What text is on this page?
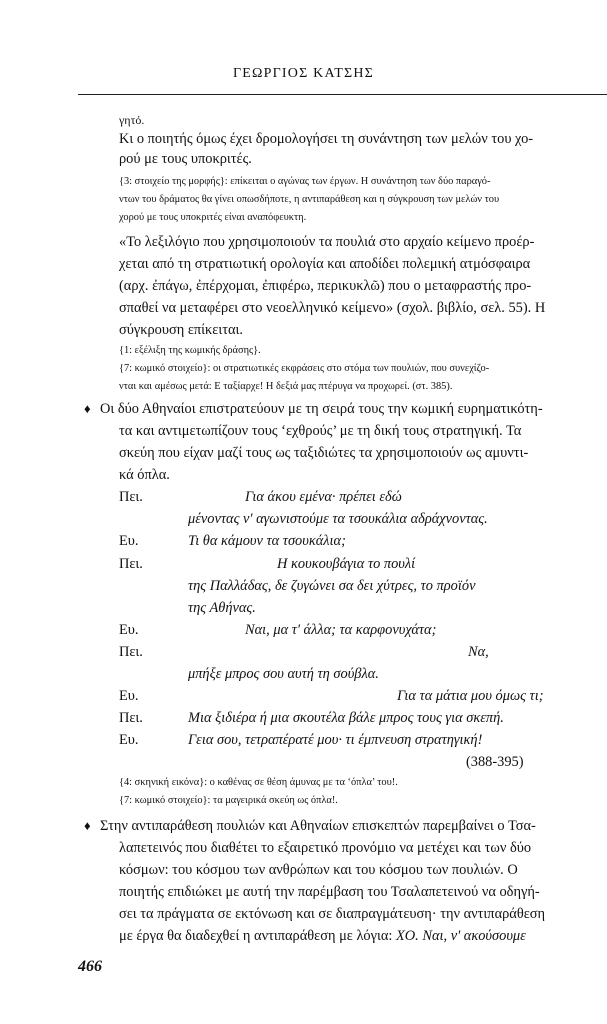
ΓΕΩΡΓΙΟΣ ΚΑΤΣΗΣ
γητό.
Κι ο ποιητής όμως έχει δρομολογήσει τη συνάντηση των μελών του χο-
ρού με τους υποκριτές.
{3: στοιχείο της μορφής}: επίκειται ο αγώνας των έργων. Η συνάντηση των δύο παραγό-
ντων του δράματος θα γίνει οπωσδήποτε, η αντιπαράθεση και η σύγκρουση των μελών του
χορού με τους υποκριτές είναι αναπόφευκτη.
«Το λεξιλόγιο που χρησιμοποιούν τα πουλιά στο αρχαίο κείμενο προέρ-
χεται από τη στρατιωτική ορολογία και αποδίδει πολεμική ατμόσφαιρα
(αρχ. ἐπάγω, ἐπέρχομαι, ἐπιφέρω, περικυκλῶ) που ο μεταφραστής προ-
σπαθεί να μεταφέρει στο νεοελληνικό κείμενο» (σχολ. βιβλίο, σελ. 55). Η
σύγκρουση επίκειται.
{1: εξέλιξη της κωμικής δράσης}.
{7: κωμικό στοιχείο}: οι στρατιωτικές εκφράσεις στο στόμα των πουλιών, που συνεχίζο-
νται και αμέσως μετά: Ε ταξίαρχε! Η δεξιά μας πτέρυγα να προχωρεί. (στ. 385).
♦ Οι δύο Αθηναίοι επιστρατεύουν με τη σειρά τους την κωμική ευρηματικότη-
τα και αντιμετωπίζουν τους ‘εχθρούς’ με τη δική τους στρατηγική. Τα
σκεύη που είχαν μαζί τους ως ταξιδιώτες τα χρησιμοποιούν ως αμυντι-
κά όπλα.
Πει.	Για άκου εμένα· πρέπει εδώ
μένοντας ν' αγωνιστούμε τα τσουκάλια αδράχνοντας.
Ευ.	Τι θα κάμουν τα τσουκάλια;
Πει.	Η κουκουβάγια το πουλί
της Παλλάδας, δε ζυγώνει σα δει χύτρες, το προϊόν
της Αθήνας.
Ευ.	Ναι, μα τ' άλλα; τα καρφονυχάτα;
Πει.	Να,
μπήξε μπρος σου αυτή τη σούβλα.
Ευ.	Για τα μάτια μου όμως τι;
Πει.	Μια ξιδιέρα ή μια σκουτέλα βάλε μπρος τους για σκεπή.
Ευ.	Γεια σου, τετραπέρατέ μου· τι έμπνευση στρατηγική!
(388-395)
{4: σκηνική εικόνα}: ο καθένας σε θέση άμυνας με τα ‘όπλα’ του!.
{7: κωμικό στοιχείο}: τα μαγειρικά σκεύη ως όπλα!.
♦ Στην αντιπαράθεση πουλιών και Αθηναίων επισκεπτών παρεμβαίνει ο Τσα-
λαπετεινός που διαθέτει το εξαιρετικό προνόμιο να μετέχει και των δύο
κόσμων: του κόσμου των ανθρώπων και του κόσμου των πουλιών. Ο
ποιητής επιδιώκει με αυτή την παρέμβαση του Τσαλαπετεινού να οδηγή-
σει τα πράγματα σε εκτόνωση και σε διαπραγμάτευση· την αντιπαράθεση
με έργα θα διαδεχθεί η αντιπαράθεση με λόγια: ΧΟ. Ναι, ν' ακούσουμε
466
